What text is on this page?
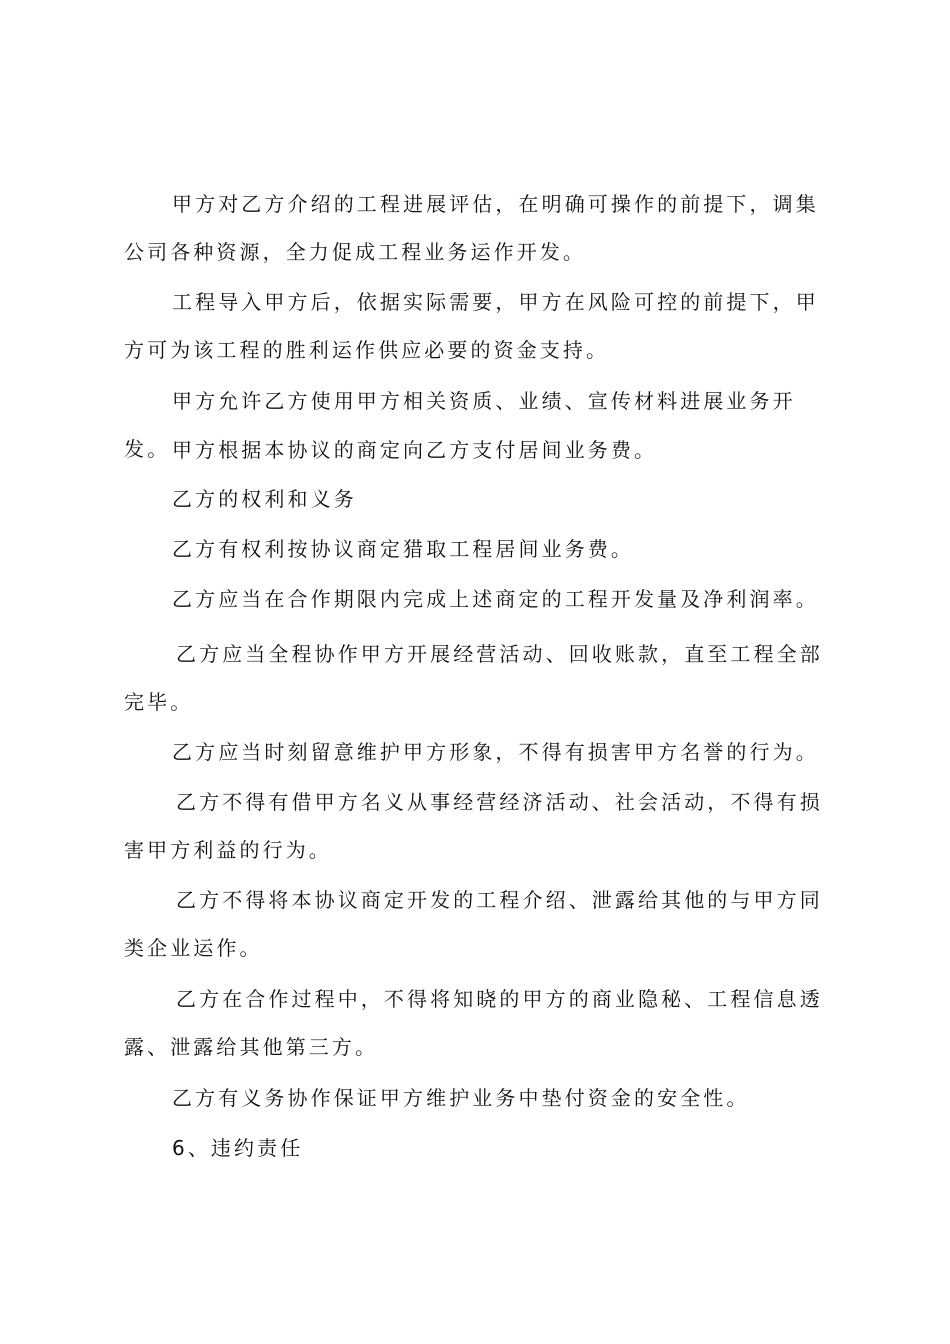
甲方对乙方介绍的工程进展评估，在明确可操作的前提下，调集公司各种资源，全力促成工程业务运作开发。

工程导入甲方后，依据实际需要，甲方在风险可控的前提下，甲方可为该工程的胜利运作供应必要的资金支持。

甲方允许乙方使用甲方相关资质、业绩、宣传材料进展业务开发。 甲方根据本协议的商定向乙方支付居间业务费。

乙方的权利和义务

乙方有权利按协议商定猎取工程居间业务费。

乙方应当在合作期限内完成上述商定的工程开发量及净利润率。

乙方应当全程协作甲方开展经营活动、回收账款，直至工程全部完毕。

乙方应当时刻留意维护甲方形象，不得有损害甲方名誉的行为。

乙方不得有借甲方名义从事经营经济活动、社会活动，不得有损害甲方利益的行为。

乙方不得将本协议商定开发的工程介绍、泄露给其他的与甲方同类企业运作。

乙方在合作过程中，不得将知晓的甲方的商业隐秘、工程信息透露、泄露给其他第三方。

乙方有义务协作保证甲方维护业务中垫付资金的安全性。

6、违约责任
